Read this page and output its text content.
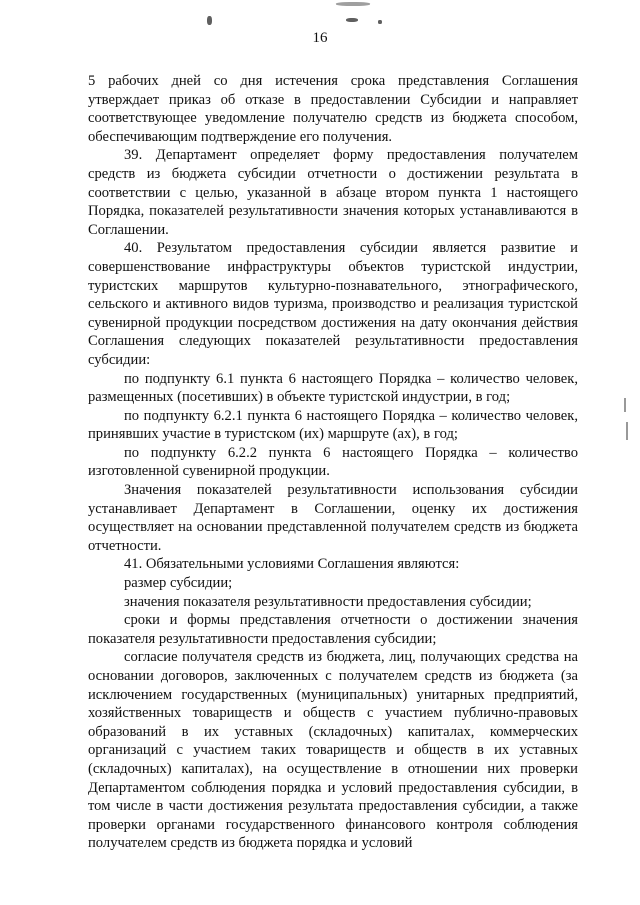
16

5 рабочих дней со дня истечения срока представления Соглашения утверждает приказ об отказе в предоставлении Субсидии и направляет соответствующее уведомление получателю средств из бюджета способом, обеспечивающим подтверждение его получения.

39. Департамент определяет форму предоставления получателем средств из бюджета субсидии отчетности о достижении результата в соответствии с целью, указанной в абзаце втором пункта 1 настоящего Порядка, показателей результативности значения которых устанавливаются в Соглашении.

40. Результатом предоставления субсидии является развитие и совершенствование инфраструктуры объектов туристской индустрии, туристских маршрутов культурно-познавательного, этнографического, сельского и активного видов туризма, производство и реализация туристской сувенирной продукции посредством достижения на дату окончания действия Соглашения следующих показателей результативности предоставления субсидии:

по подпункту 6.1 пункта 6 настоящего Порядка – количество человек, размещенных (посетивших) в объекте туристской индустрии, в год;

по подпункту 6.2.1 пункта 6 настоящего Порядка – количество человек, принявших участие в туристском (их) маршруте (ах), в год;

по подпункту 6.2.2 пункта 6 настоящего Порядка – количество изготовленной сувенирной продукции.

Значения показателей результативности использования субсидии устанавливает Департамент в Соглашении, оценку их достижения осуществляет на основании представленной получателем средств из бюджета отчетности.

41. Обязательными условиями Соглашения являются:

размер субсидии;

значения показателя результативности предоставления субсидии;

сроки и формы представления отчетности о достижении значения показателя результативности предоставления субсидии;

согласие получателя средств из бюджета, лиц, получающих средства на основании договоров, заключенных с получателем средств из бюджета (за исключением государственных (муниципальных) унитарных предприятий, хозяйственных товариществ и обществ с участием публично-правовых образований в их уставных (складочных) капиталах, коммерческих организаций с участием таких товариществ и обществ в их уставных (складочных) капиталах), на осуществление в отношении них проверки Департаментом соблюдения порядка и условий предоставления субсидии, в том числе в части достижения результата предоставления субсидии, а также проверки органами государственного финансового контроля соблюдения получателем средств из бюджета порядка и условий
